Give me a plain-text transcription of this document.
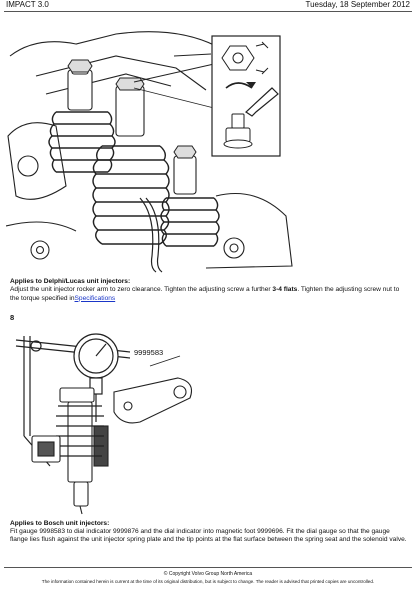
IMPACT 3.0	Tuesday, 18 September 2012
Applies to Delphi/Lucas unit injectors:
Adjust the unit injector rocker arm to zero clearance. Tighten the adjusting screw a further 3-4 flats. Tighten the adjusting screw nut to the torque specified inSpecifications
8
9999583
Applies to Bosch unit injectors:
Fit gauge 9998583 to dial indicator 9999876 and the dial indicator into magnetic foot 9999696. Fit the dial gauge so that the gauge flange lies flush against the unit injector spring plate and the tip points at the flat surface between the spring seat and the solenoid valve.
© Copyright Volvo Group North America
The information contained herein is current at the time of its original distribution, but is subject to change. The reader is advised that printed copies are uncontrolled.
